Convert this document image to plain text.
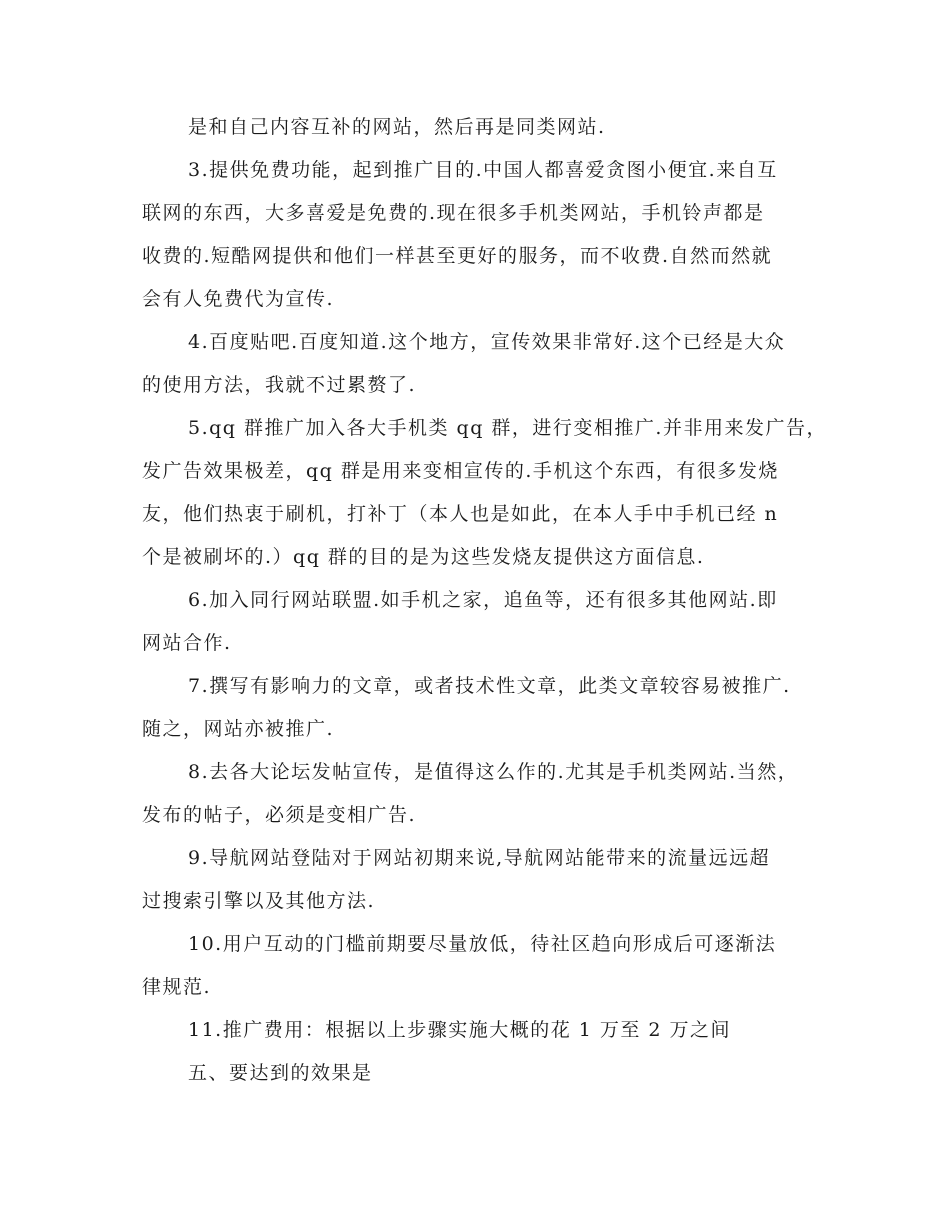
是和自己内容互补的网站，然后再是同类网站.
3.提供免费功能，起到推广目的.中国人都喜爱贪图小便宜.来自互
联网的东西，大多喜爱是免费的.现在很多手机类网站，手机铃声都是
收费的.短酷网提供和他们一样甚至更好的服务，而不收费.自然而然就
会有人免费代为宣传.
4.百度贴吧.百度知道.这个地方，宣传效果非常好.这个已经是大众
的使用方法，我就不过累赘了.
5.qq 群推广加入各大手机类 qq 群，进行变相推广.并非用来发广告，
发广告效果极差，qq 群是用来变相宣传的.手机这个东西，有很多发烧
友，他们热衷于刷机，打补丁（本人也是如此，在本人手中手机已经 n
个是被刷坏的.）qq 群的目的是为这些发烧友提供这方面信息.
6.加入同行网站联盟.如手机之家，追鱼等，还有很多其他网站.即
网站合作.
7.撰写有影响力的文章，或者技术性文章，此类文章较容易被推广.
随之，网站亦被推广.
8.去各大论坛发帖宣传，是值得这么作的.尤其是手机类网站.当然，
发布的帖子，必须是变相广告.
9.导航网站登陆对于网站初期来说,导航网站能带来的流量远远超
过搜索引擎以及其他方法.
10.用户互动的门槛前期要尽量放低，待社区趋向形成后可逐渐法
律规范.
11.推广费用：根据以上步骤实施大概的花 1 万至 2 万之间
五、要达到的效果是
